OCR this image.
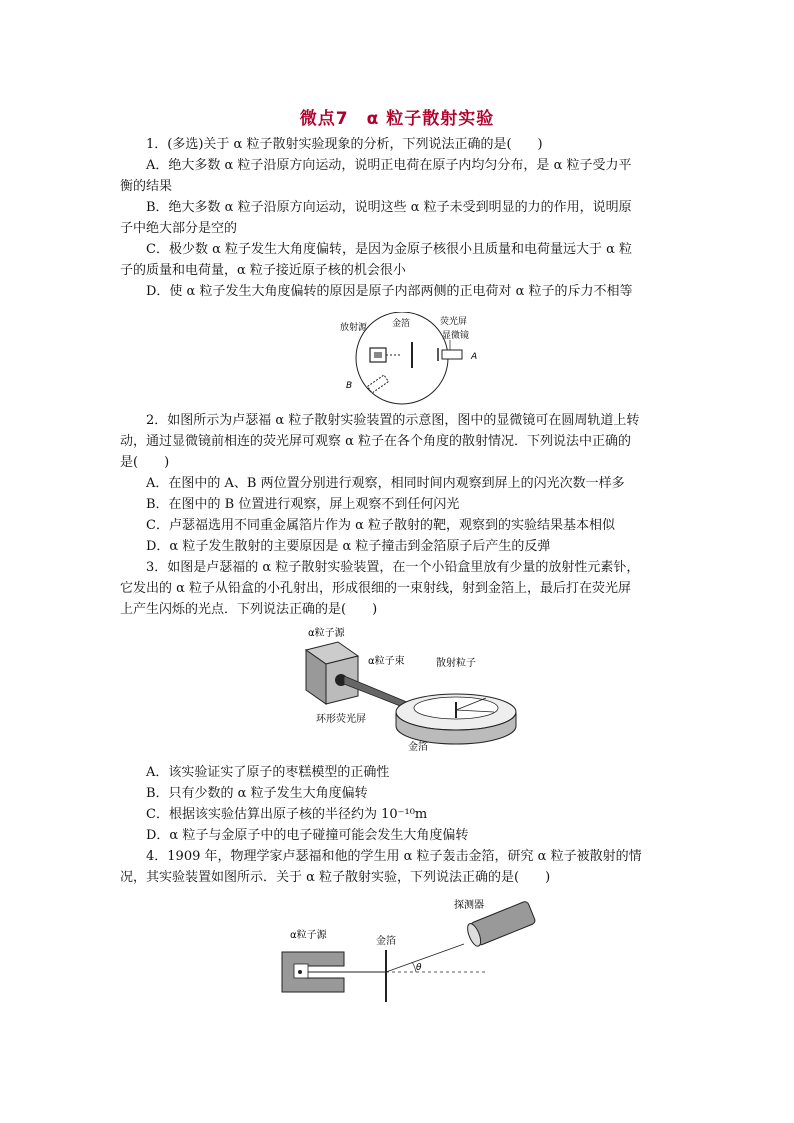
微点7　α 粒子散射实验
1．(多选)关于 α 粒子散射实验现象的分析，下列说法正确的是(　　)
A．绝大多数 α 粒子沿原方向运动，说明正电荷在原子内均匀分布，是 α 粒子受力平
衡的结果
B．绝大多数 α 粒子沿原方向运动，说明这些 α 粒子未受到明显的力的作用，说明原
子中绝大部分是空的
C．极少数 α 粒子发生大角度偏转，是因为金原子核很小且质量和电荷量远大于 α 粒
子的质量和电荷量，α 粒子接近原子核的机会很小
D．使 α 粒子发生大角度偏转的原因是原子内部两侧的正电荷对 α 粒子的斥力不相等
放射源	金箔	荧光屏
显微镜
A
B
2．如图所示为卢瑟福 α 粒子散射实验装置的示意图，图中的显微镜可在圆周轨道上转
动，通过显微镜前相连的荧光屏可观察 α 粒子在各个角度的散射情况．下列说法中正确的
是(　　)
A．在图中的 A、B 两位置分别进行观察，相同时间内观察到屏上的闪光次数一样多
B．在图中的 B 位置进行观察，屏上观察不到任何闪光
C．卢瑟福选用不同重金属箔片作为 α 粒子散射的靶，观察到的实验结果基本相似
D．α 粒子发生散射的主要原因是 α 粒子撞击到金箔原子后产生的反弹
3．如图是卢瑟福的 α 粒子散射实验装置，在一个小铅盒里放有少量的放射性元素钋，
它发出的 α 粒子从铅盒的小孔射出，形成很细的一束射线，射到金箔上，最后打在荧光屏
上产生闪烁的光点．下列说法正确的是(　　)
α粒子源
α粒子束	散射粒子
环形荧光屏
金箔
A．该实验证实了原子的枣糕模型的正确性
B．只有少数的 α 粒子发生大角度偏转
C．根据该实验估算出原子核的半径约为 10⁻¹⁰m
D．α 粒子与金原子中的电子碰撞可能会发生大角度偏转
4．1909 年，物理学家卢瑟福和他的学生用 α 粒子轰击金箔，研究 α 粒子被散射的情
况，其实验装置如图所示．关于 α 粒子散射实验，下列说法正确的是(　　)
α粒子源
金箔
探测器
θ
